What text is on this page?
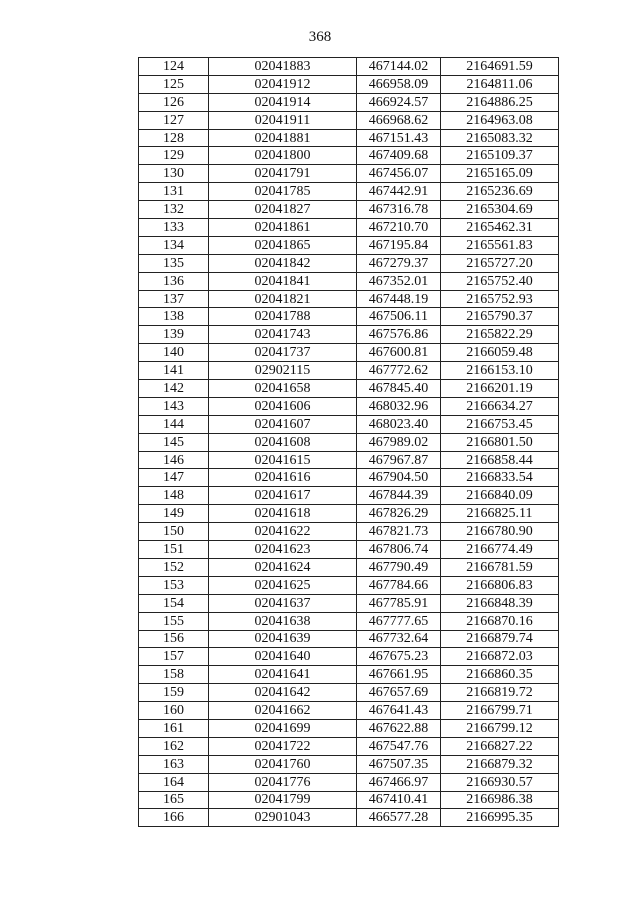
368
124	02041883	467144.02	2164691.59
125	02041912	466958.09	2164811.06
126	02041914	466924.57	2164886.25
127	02041911	466968.62	2164963.08
128	02041881	467151.43	2165083.32
129	02041800	467409.68	2165109.37
130	02041791	467456.07	2165165.09
131	02041785	467442.91	2165236.69
132	02041827	467316.78	2165304.69
133	02041861	467210.70	2165462.31
134	02041865	467195.84	2165561.83
135	02041842	467279.37	2165727.20
136	02041841	467352.01	2165752.40
137	02041821	467448.19	2165752.93
138	02041788	467506.11	2165790.37
139	02041743	467576.86	2165822.29
140	02041737	467600.81	2166059.48
141	02902115	467772.62	2166153.10
142	02041658	467845.40	2166201.19
143	02041606	468032.96	2166634.27
144	02041607	468023.40	2166753.45
145	02041608	467989.02	2166801.50
146	02041615	467967.87	2166858.44
147	02041616	467904.50	2166833.54
148	02041617	467844.39	2166840.09
149	02041618	467826.29	2166825.11
150	02041622	467821.73	2166780.90
151	02041623	467806.74	2166774.49
152	02041624	467790.49	2166781.59
153	02041625	467784.66	2166806.83
154	02041637	467785.91	2166848.39
155	02041638	467777.65	2166870.16
156	02041639	467732.64	2166879.74
157	02041640	467675.23	2166872.03
158	02041641	467661.95	2166860.35
159	02041642	467657.69	2166819.72
160	02041662	467641.43	2166799.71
161	02041699	467622.88	2166799.12
162	02041722	467547.76	2166827.22
163	02041760	467507.35	2166879.32
164	02041776	467466.97	2166930.57
165	02041799	467410.41	2166986.38
166	02901043	466577.28	2166995.35
